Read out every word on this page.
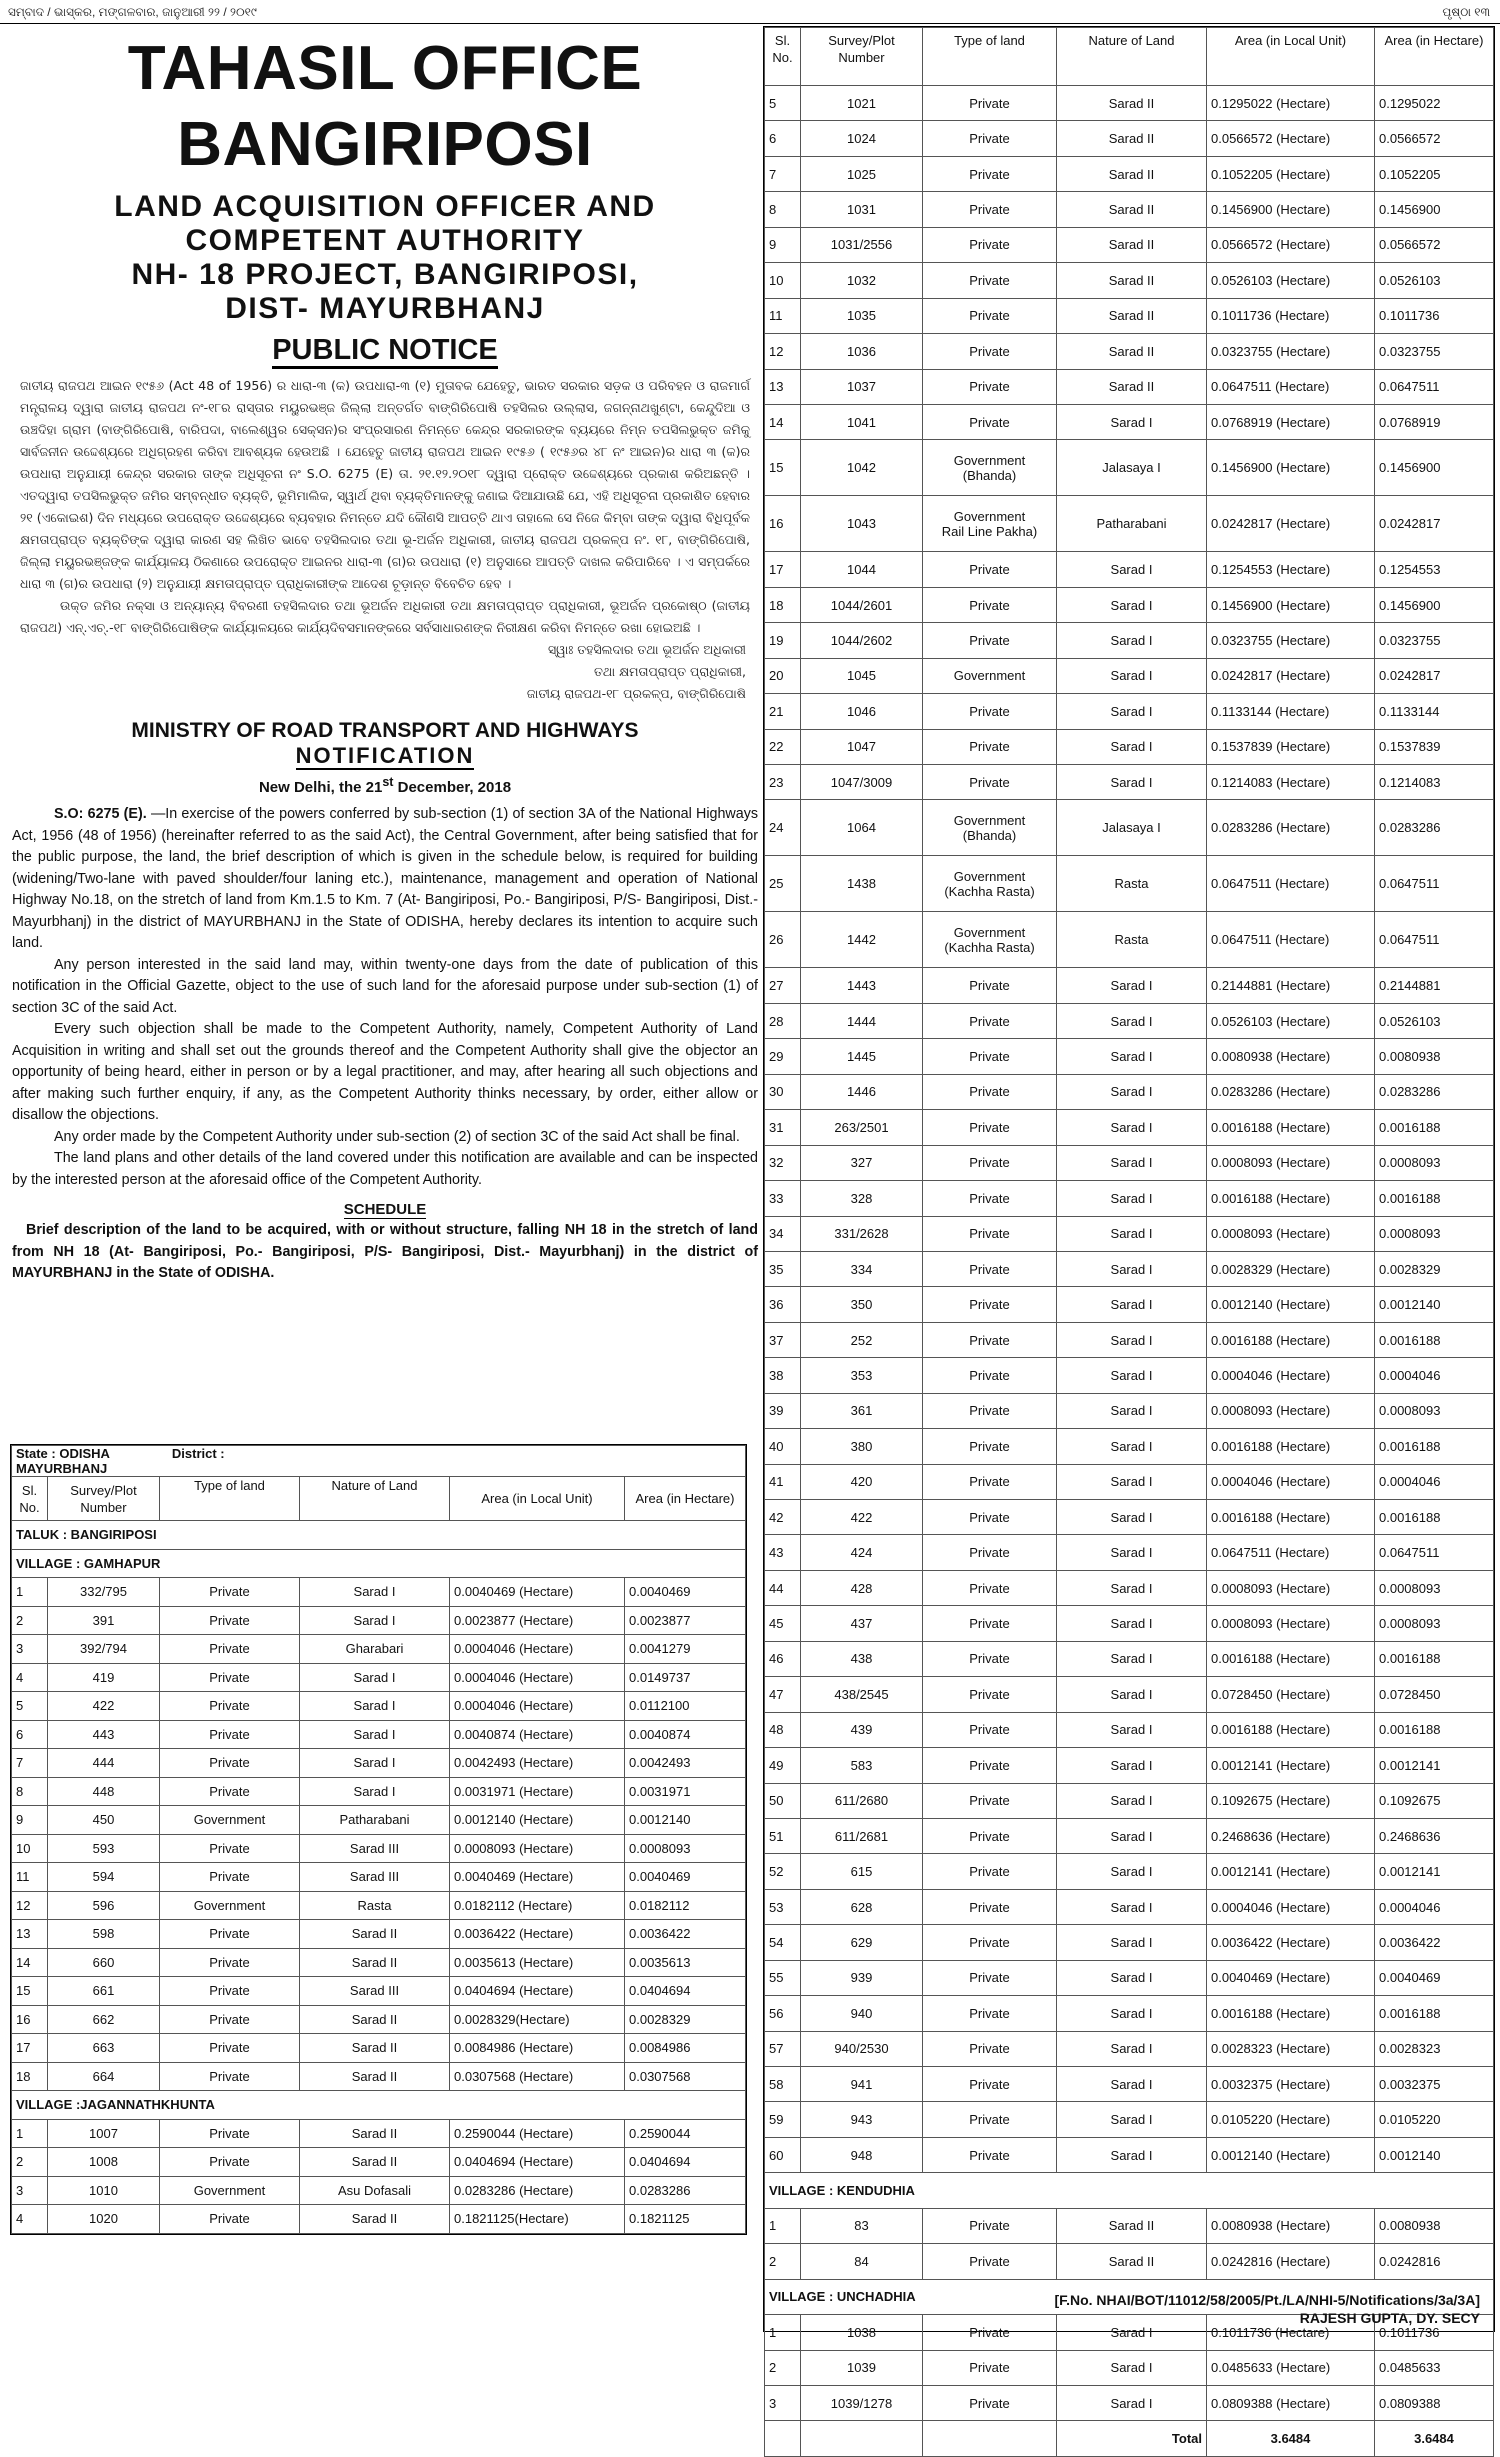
ସମ୍ବାଦ / ଭାସ୍କର, ମଙ୍ଗଳବାର, ଜାନୁଆରୀ ୨୨ / ୨୦୧୯	ପୃଷ୍ଠା ୧୩
TAHASIL OFFICE
BANGIRIPOSI
LAND ACQUISITION OFFICER AND
COMPETENT AUTHORITY
NH- 18 PROJECT, BANGIRIPOSI,
DIST- MAYURBHANJ
PUBLIC NOTICE
ଜାତୀୟ ରାଜପଥ ଆଇନ ୧୯୫୬ (Act 48 of 1956) ର ଧାରା-୩ (କ) ଉପଧାରା-୩ (୧) ମୁତାବକ ଯେହେତୁ, ଭାରତ ସରକାର ସଡ଼କ ଓ ପରିବହନ ଓ ରାଜମାର୍ଗ ମନ୍ତ୍ରାଳୟ ଦ୍ୱାରା ଜାତୀୟ ରାଜପଥ ନଂ-୧୮ର ରାସ୍ତାର ମୟୁରଭଞ୍ଜ ଜିଲ୍ଲା ଅନ୍ତର୍ଗତ ବାଙ୍ଗିରିପୋଷି ତହସିଲର ଉଲ୍ଲାସ, ଜଗନ୍ନାଥଖୁଣ୍ଟା, କେନ୍ଦୁଦିଆ ଓ ଉଞ୍ଚଦିହା ଗ୍ରାମ (ବାଙ୍ଗିରିପୋଷି, ବାରିପଦା, ବାଲେଶ୍ୱର ସେକ୍ସନ)ର ସଂପ୍ରସାରଣ ନିମନ୍ତେ କେନ୍ଦ୍ର ସରକାରଙ୍କ ବ୍ୟୟରେ ନିମ୍ନ ତପସିଲଭୁକ୍ତ ଜମିକୁ ସାର୍ବଜନୀନ ଉଦ୍ଦେଶ୍ୟରେ ଅଧିଗ୍ରହଣ କରିବା ଆବଶ୍ୟକ ହେଉଅଛି । ଯେହେତୁ ଜାତୀୟ ରାଜପଥ ଆଇନ ୧୯୫୬ ( ୧୯୫୬ର ୪୮ ନଂ ଆଇନ)ର ଧାରା ୩ (କ)ର ଉପଧାରା ଅନୁଯାୟୀ କେନ୍ଦ୍ର ସରକାର ତାଙ୍କ ଅଧିସୂଚନା ନଂ S.O. 6275 (E) ତା. ୨୧.୧୨.୨୦୧୮ ଦ୍ୱାରା ପ୍ରୋକ୍ତ ଉଦ୍ଦେଶ୍ୟରେ ପ୍ରକାଶ କରିଅଛନ୍ତି । ଏତଦ୍ୱାରା ତପସିଲଭୁକ୍ତ ଜମିର ସମ୍ବନ୍ଧୀତ ବ୍ୟକ୍ତି, ଭୂମିମାଲିକ, ସ୍ୱାର୍ଥ ଥିବା ବ୍ୟକ୍ତିମାନଙ୍କୁ ଜଣାଇ ଦିଆଯାଉଛି ଯେ, ଏହି ଅଧିସୂଚନା ପ୍ରକାଶିତ ହେବାର ୨୧ (ଏକୋଇଶ) ଦିନ ମଧ୍ୟରେ ଉପରୋକ୍ତ ଉଦ୍ଦେଶ୍ୟରେ ବ୍ୟବହାର ନିମନ୍ତେ ଯଦି କୌଣସି ଆପତ୍ତି ଥାଏ ତାହାଲେ ସେ ନିଜେ କିମ୍ବା ତାଙ୍କ ଦ୍ୱାରା ବିଧିପୂର୍ବକ କ୍ଷମତାପ୍ରାପ୍ତ ବ୍ୟକ୍ତିଙ୍କ ଦ୍ୱାରା କାରଣ ସହ ଲିଖିତ ଭାବେ ତହସିଲଦାର ତଥା ଭୂ-ଅର୍ଜନ ଅଧିକାରୀ, ଜାତୀୟ ରାଜପଥ ପ୍ରକଳ୍ପ ନଂ. ୧୮, ବାଙ୍ଗିରିପୋଷି, ଜିଲ୍ଲା ମୟୁରଭଞ୍ଜଙ୍କ କାର୍ଯ୍ୟାଳୟ ଠିକଣାରେ ଉପରୋକ୍ତ ଆଇନର ଧାରା-୩ (ଗ)ର ଉପଧାରା (୧) ଅନୁସାରେ ଆପତ୍ତି ଦାଖଲ କରିପାରିବେ । ଏ ସମ୍ପର୍କରେ ଧାରା ୩ (ଗ)ର ଉପଧାରା (୨) ଅନୁଯାୟୀ କ୍ଷମତାପ୍ରାପ୍ତ ପ୍ରାଧିକାରୀଙ୍କ ଆଦେଶ ଚୂଡ଼ାନ୍ତ ବିବେଚିତ ହେବ ।
ଉକ୍ତ ଜମିର ନକ୍ସା ଓ ଅନ୍ୟାନ୍ୟ ବିବରଣୀ ତହସିଲଦାର ତଥା ଭୂଅର୍ଜନ ଅଧିକାରୀ ତଥା କ୍ଷମତାପ୍ରାପ୍ତ ପ୍ରାଧିକାରୀ, ଭୂଅର୍ଜନ ପ୍ରକୋଷ୍ଠ (ଜାତୀୟ ରାଜପଥ) ଏନ୍.ଏଚ୍.-୧୮ ବାଙ୍ଗିରିପୋଷିଙ୍କ କାର୍ଯ୍ୟାଳୟରେ କାର୍ଯ୍ୟଦିବସମାନଙ୍କରେ ସର୍ବସାଧାରଣଙ୍କ ନିରୀକ୍ଷଣ କରିବା ନିମନ୍ତେ ରଖା ହୋଇଅଛି ।
ସ୍ୱାଃ ତହସିଲଦାର ତଥା ଭୂଅର୍ଜନ ଅଧିକାରୀ
ତଥା କ୍ଷମତାପ୍ରାପ୍ତ ପ୍ରାଧିକାରୀ,
ଜାତୀୟ ରାଜପଥ-୧୮ ପ୍ରକଳ୍ପ, ବାଙ୍ଗିରିପୋଷି
MINISTRY OF ROAD TRANSPORT AND HIGHWAYS
NOTIFICATION
New Delhi, the 21st December, 2018

S.O: 6275 (E). —In exercise of the powers conferred by sub-section (1) of section 3A of the National Highways Act, 1956 (48 of 1956) (hereinafter referred to as the said Act), the Central Government, after being satisfied that for the public purpose, the land, the brief description of which is given in the schedule below, is required for building (widening/Two-lane with paved shoulder/four laning etc.), maintenance, management and operation of National Highway No.18, on the stretch of land from Km.1.5 to Km. 7 (At- Bangiriposi, Po.- Bangiriposi, P/S- Bangiriposi, Dist.- Mayurbhanj) in the district of MAYURBHANJ in the State of ODISHA, hereby declares its intention to acquire such land.

Any person interested in the said land may, within twenty-one days from the date of publication of this notification in the Official Gazette, object to the use of such land for the aforesaid purpose under sub-section (1) of section 3C of the said Act.

Every such objection shall be made to the Competent Authority, namely, Competent Authority of Land Acquisition in writing and shall set out the grounds thereof and the Competent Authority shall give the objector an opportunity of being heard, either in person or by a legal practitioner, and may, after hearing all such objections and after making such further enquiry, if any, as the Competent Authority thinks necessary, by order, either allow or disallow the objections.

Any order made by the Competent Authority under sub-section (2) of section 3C of the said Act shall be final.

The land plans and other details of the land covered under this notification are available and can be inspected by the interested person at the aforesaid office of the Competent Authority.

SCHEDULE
Brief description of the land to be acquired, with or without structure, falling NH 18 in the stretch of land from NH 18 (At- Bangiriposi, Po.- Bangiriposi, P/S- Bangiriposi, Dist.- Mayurbhanj) in the district of MAYURBHANJ in the State of ODISHA.
State : ODISHA District : MAYURBHANJ					
Sl. No.	Survey/Plot Number	Type of land	Nature of Land	Area (in Local Unit)	Area (in Hectare)
TALUK : BANGIRIPOSI					
VILLAGE : GAMHAPUR					
1	332/795	Private	Sarad I	0.0040469 (Hectare)	0.0040469
2	391	Private	Sarad I	0.0023877 (Hectare)	0.0023877
3	392/794	Private	Gharabari	0.0004046 (Hectare)	0.0041279
4	419	Private	Sarad I	0.0004046 (Hectare)	0.0149737
5	422	Private	Sarad I	0.0004046 (Hectare)	0.0112100
6	443	Private	Sarad I	0.0040874 (Hectare)	0.0040874
7	444	Private	Sarad I	0.0042493 (Hectare)	0.0042493
8	448	Private	Sarad I	0.0031971 (Hectare)	0.0031971
9	450	Government	Patharabani	0.0012140 (Hectare)	0.0012140
10	593	Private	Sarad III	0.0008093 (Hectare)	0.0008093
11	594	Private	Sarad III	0.0040469 (Hectare)	0.0040469
12	596	Government	Rasta	0.0182112 (Hectare)	0.0182112
13	598	Private	Sarad II	0.0036422 (Hectare)	0.0036422
14	660	Private	Sarad II	0.0035613 (Hectare)	0.0035613
15	661	Private	Sarad III	0.0404694 (Hectare)	0.0404694
16	662	Private	Sarad II	0.0028329(Hectare)	0.0028329
17	663	Private	Sarad II	0.0084986 (Hectare)	0.0084986
18	664	Private	Sarad II	0.0307568 (Hectare)	0.0307568
VILLAGE :JAGANNATHKHUNTA					
1	1007	Private	Sarad II	0.2590044 (Hectare)	0.2590044
2	1008	Private	Sarad II	0.0404694 (Hectare)	0.0404694
3	1010	Government	Asu Dofasali	0.0283286 (Hectare)	0.0283286
4	1020	Private	Sarad II	0.1821125(Hectare)	0.1821125
Sl. No.	Survey/Plot Number	Type of land	Nature of Land	Area (in Local Unit)	Area (in Hectare)
5	1021	Private	Sarad II	0.1295022 (Hectare)	0.1295022
6	1024	Private	Sarad II	0.0566572 (Hectare)	0.0566572
7	1025	Private	Sarad II	0.1052205 (Hectare)	0.1052205
8	1031	Private	Sarad II	0.1456900 (Hectare)	0.1456900
9	1031/2556	Private	Sarad II	0.0566572 (Hectare)	0.0566572
10	1032	Private	Sarad II	0.0526103 (Hectare)	0.0526103
11	1035	Private	Sarad II	0.1011736 (Hectare)	0.1011736
12	1036	Private	Sarad II	0.0323755 (Hectare)	0.0323755
13	1037	Private	Sarad II	0.0647511 (Hectare)	0.0647511
14	1041	Private	Sarad I	0.0768919 (Hectare)	0.0768919
15	1042	Government
(Bhanda)	Jalasaya I	0.1456900 (Hectare)	0.1456900
16	1043	Government
Rail Line Pakha)	Patharabani	0.0242817 (Hectare)	0.0242817
17	1044	Private	Sarad I	0.1254553 (Hectare)	0.1254553
18	1044/2601	Private	Sarad I	0.1456900 (Hectare)	0.1456900
19	1044/2602	Private	Sarad I	0.0323755 (Hectare)	0.0323755
20	1045	Government	Sarad I	0.0242817 (Hectare)	0.0242817
21	1046	Private	Sarad I	0.1133144 (Hectare)	0.1133144
22	1047	Private	Sarad I	0.1537839 (Hectare)	0.1537839
23	1047/3009	Private	Sarad I	0.1214083 (Hectare)	0.1214083
24	1064	Government
(Bhanda)	Jalasaya I	0.0283286 (Hectare)	0.0283286
25	1438	Government
(Kachha Rasta)	Rasta	0.0647511 (Hectare)	0.0647511
26	1442	Government
(Kachha Rasta)	Rasta	0.0647511 (Hectare)	0.0647511
27	1443	Private	Sarad I	0.2144881 (Hectare)	0.2144881
28	1444	Private	Sarad I	0.0526103 (Hectare)	0.0526103
29	1445	Private	Sarad I	0.0080938 (Hectare)	0.0080938
30	1446	Private	Sarad I	0.0283286 (Hectare)	0.0283286
31	263/2501	Private	Sarad I	0.0016188 (Hectare)	0.0016188
32	327	Private	Sarad I	0.0008093 (Hectare)	0.0008093
33	328	Private	Sarad I	0.0016188 (Hectare)	0.0016188
34	331/2628	Private	Sarad I	0.0008093 (Hectare)	0.0008093
35	334	Private	Sarad I	0.0028329 (Hectare)	0.0028329
36	350	Private	Sarad I	0.0012140 (Hectare)	0.0012140
37	252	Private	Sarad I	0.0016188 (Hectare)	0.0016188
38	353	Private	Sarad I	0.0004046 (Hectare)	0.0004046
39	361	Private	Sarad I	0.0008093 (Hectare)	0.0008093
40	380	Private	Sarad I	0.0016188 (Hectare)	0.0016188
41	420	Private	Sarad I	0.0004046 (Hectare)	0.0004046
42	422	Private	Sarad I	0.0016188 (Hectare)	0.0016188
43	424	Private	Sarad I	0.0647511 (Hectare)	0.0647511
44	428	Private	Sarad I	0.0008093 (Hectare)	0.0008093
45	437	Private	Sarad I	0.0008093 (Hectare)	0.0008093
46	438	Private	Sarad I	0.0016188 (Hectare)	0.0016188
47	438/2545	Private	Sarad I	0.0728450 (Hectare)	0.0728450
48	439	Private	Sarad I	0.0016188 (Hectare)	0.0016188
49	583	Private	Sarad I	0.0012141 (Hectare)	0.0012141
50	611/2680	Private	Sarad I	0.1092675 (Hectare)	0.1092675
51	611/2681	Private	Sarad I	0.2468636 (Hectare)	0.2468636
52	615	Private	Sarad I	0.0012141 (Hectare)	0.0012141
53	628	Private	Sarad I	0.0004046 (Hectare)	0.0004046
54	629	Private	Sarad I	0.0036422 (Hectare)	0.0036422
55	939	Private	Sarad I	0.0040469 (Hectare)	0.0040469
56	940	Private	Sarad I	0.0016188 (Hectare)	0.0016188
57	940/2530	Private	Sarad I	0.0028323 (Hectare)	0.0028323
58	941	Private	Sarad I	0.0032375 (Hectare)	0.0032375
59	943	Private	Sarad I	0.0105220 (Hectare)	0.0105220
60	948	Private	Sarad I	0.0012140 (Hectare)	0.0012140
VILLAGE : KENDUDHIA					
1	83	Private	Sarad II	0.0080938 (Hectare)	0.0080938
2	84	Private	Sarad II	0.0242816 (Hectare)	0.0242816
VILLAGE : UNCHADHIA					
1	1038	Private	Sarad I	0.1011736 (Hectare)	0.1011736
2	1039	Private	Sarad I	0.0485633 (Hectare)	0.0485633
3	1039/1278	Private	Sarad I	0.0809388 (Hectare)	0.0809388
			Total	3.6484	3.6484
[F.No. NHAI/BOT/11012/58/2005/Pt./LA/NHI-5/Notifications/3a/3A]
RAJESH GUPTA, DY. SECY
